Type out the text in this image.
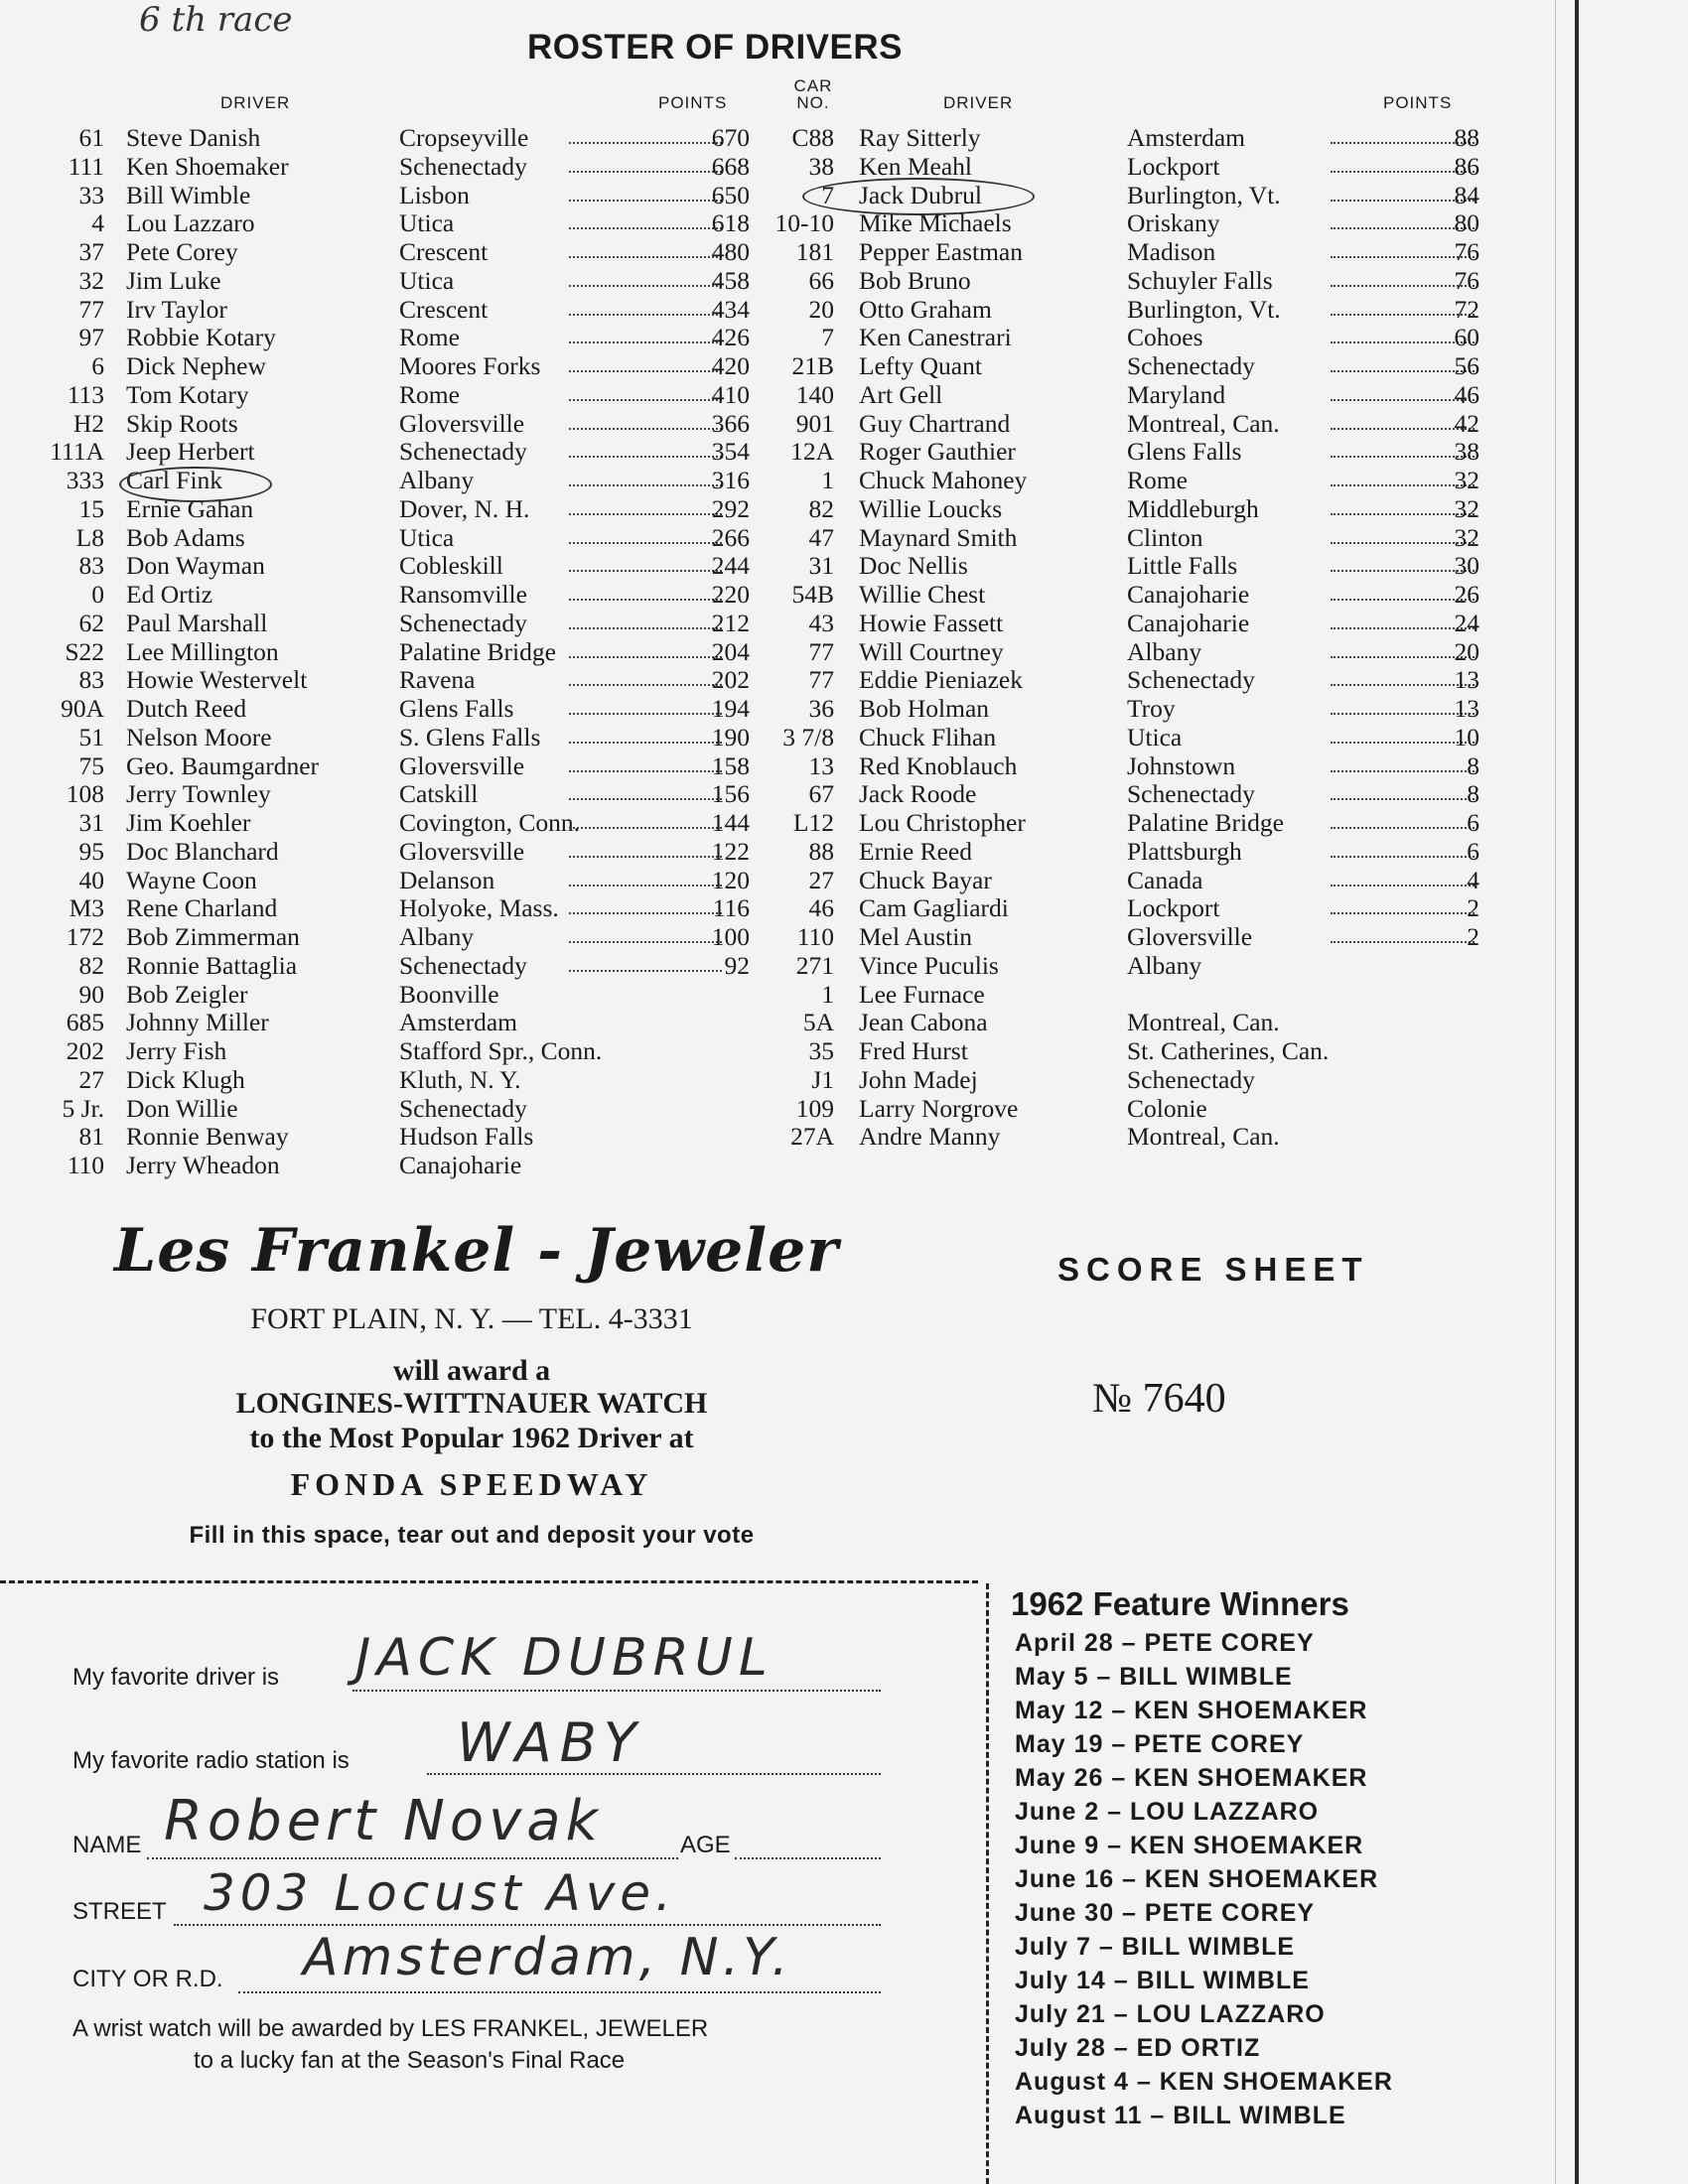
6 th race
ROSTER OF DRIVERS
DRIVER	POINTS
CAR NO.	DRIVER	POINTS
61 Steve Danish	Cropseyville	670
111 Ken Shoemaker	Schenectady	668
33 Bill Wimble	Lisbon	650
4 Lou Lazzaro	Utica	618
37 Pete Corey	Crescent	480
32 Jim Luke	Utica	458
77 Irv Taylor	Crescent	434
97 Robbie Kotary	Rome	426
6 Dick Nephew	Moores Forks	420
113 Tom Kotary	Rome	410
H2 Skip Roots	Gloversville	366
111A Jeep Herbert	Schenectady	354
333 Carl Fink	Albany	316
15 Ernie Gahan	Dover, N. H.	292
L8 Bob Adams	Utica	266
83 Don Wayman	Cobleskill	244
0 Ed Ortiz	Ransomville	220
62 Paul Marshall	Schenectady	212
S22 Lee Millington	Palatine Bridge	204
83 Howie Westervelt	Ravena	202
90A Dutch Reed	Glens Falls	194
51 Nelson Moore	S. Glens Falls	190
75 Geo. Baumgardner	Gloversville	158
108 Jerry Townley	Catskill	156
31 Jim Koehler	Covington, Conn.	144
95 Doc Blanchard	Gloversville	122
40 Wayne Coon	Delanson	120
M3 Rene Charland	Holyoke, Mass.	116
172 Bob Zimmerman	Albany	100
82 Ronnie Battaglia	Schenectady	92
90 Bob Zeigler	Boonville
685 Johnny Miller	Amsterdam
202 Jerry Fish	Stafford Spr., Conn.
27 Dick Klugh	Kluth, N. Y.
5 Jr. Don Willie	Schenectady
81 Ronnie Benway	Hudson Falls
110 Jerry Wheadon	Canajoharie
C88 Ray Sitterly	Amsterdam	88
38 Ken Meahl	Lockport	86
7 Jack Dubrul	Burlington, Vt.	84
10-10 Mike Michaels	Oriskany	80
181 Pepper Eastman	Madison	76
66 Bob Bruno	Schuyler Falls	76
20 Otto Graham	Burlington, Vt.	72
7 Ken Canestrari	Cohoes	60
21B Lefty Quant	Schenectady	56
140 Art Gell	Maryland	46
901 Guy Chartrand	Montreal, Can.	42
12A Roger Gauthier	Glens Falls	38
1 Chuck Mahoney	Rome	32
82 Willie Loucks	Middleburgh	32
47 Maynard Smith	Clinton	32
31 Doc Nellis	Little Falls	30
54B Willie Chest	Canajoharie	26
43 Howie Fassett	Canajoharie	24
77 Will Courtney	Albany	20
77 Eddie Pieniazek	Schenectady	13
36 Bob Holman	Troy	13
3 7/8 Chuck Flihan	Utica	10
13 Red Knoblauch	Johnstown	8
67 Jack Roode	Schenectady	8
L12 Lou Christopher	Palatine Bridge	6
88 Ernie Reed	Plattsburgh	6
27 Chuck Bayar	Canada	4
46 Cam Gagliardi	Lockport	2
110 Mel Austin	Gloversville	2
271 Vince Puculis	Albany
1 Lee Furnace
5A Jean Cabona	Montreal, Can.
35 Fred Hurst	St. Catherines, Can.
J1 John Madej	Schenectady
109 Larry Norgrove	Colonie
27A Andre Manny	Montreal, Can.
Les Frankel - Jeweler
FORT PLAIN, N. Y. — TEL. 4-3331
will award a
LONGINES-WITTNAUER WATCH
to the Most Popular 1962 Driver at
FONDA SPEEDWAY
Fill in this space, tear out and deposit your vote
SCORE SHEET
№ 7640
My favorite driver is JACK DUBRUL
My favorite radio station is WABY
NAME Robert Novak	AGE
STREET 303 Locust Ave.
CITY OR R.D. Amsterdam, N.Y.
A wrist watch will be awarded by LES FRANKEL, JEWELER
to a lucky fan at the Season's Final Race
1962 Feature Winners
April 28 – PETE COREY
May 5 – BILL WIMBLE
May 12 – KEN SHOEMAKER
May 19 – PETE COREY
May 26 – KEN SHOEMAKER
June 2 – LOU LAZZARO
June 9 – KEN SHOEMAKER
June 16 – KEN SHOEMAKER
June 30 – PETE COREY
July 7 – BILL WIMBLE
July 14 – BILL WIMBLE
July 21 – LOU LAZZARO
July 28 – ED ORTIZ
August 4 – KEN SHOEMAKER
August 11 – BILL WIMBLE
